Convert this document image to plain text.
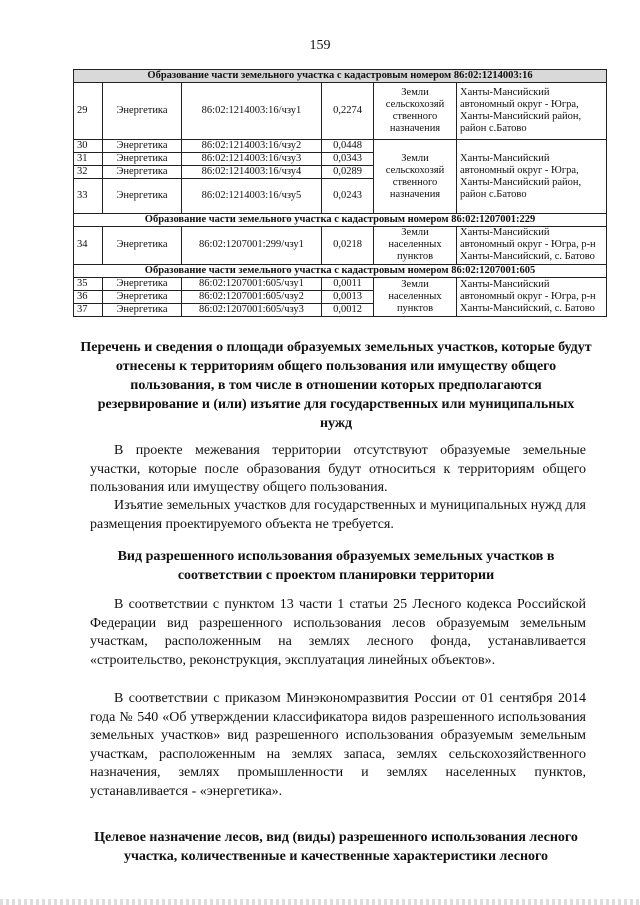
159
Образование части земельного участка с кадастровым номером 86:02:1214003:16					
29	Энергетика	86:02:1214003:16/чзу1	0,2274	Земли сельскохозяй ственного назначения	Ханты-Мансийский автономный округ - Югра, Ханты-Мансийский район, район с.Батово
30	Энергетика	86:02:1214003:16/чзу2	0,0448	Земли сельскохозяй ственного назначения	Ханты-Мансийский автономный округ - Югра, Ханты-Мансийский район, район с.Батово
31	Энергетика	86:02:1214003:16/чзу3	0,0343		
32	Энергетика	86:02:1214003:16/чзу4	0,0289		
33	Энергетика	86:02:1214003:16/чзу5	0,0243		
Образование части земельного участка с кадастровым номером 86:02:1207001:229					
34	Энергетика	86:02:1207001:299/чзу1	0,0218	Земли населенных пунктов	Ханты-Мансийский автономный округ - Югра, р-н Ханты-Мансийский, с. Батово
Образование части земельного участка с кадастровым номером 86:02:1207001:605					
35	Энергетика	86:02:1207001:605/чзу1	0,0011	Земли населенных пунктов	Ханты-Мансийский автономный округ - Югра, р-н Ханты-Мансийский, с. Батово
36	Энергетика	86:02:1207001:605/чзу2	0,0013		
37	Энергетика	86:02:1207001:605/чзу3	0,0012		
Перечень и сведения о площади образуемых земельных участков, которые будут отнесены к территориям общего пользования или имуществу общего пользования, в том числе в отношении которых предполагаются резервирование и (или) изъятие для государственных или муниципальных нужд
В проекте межевания территории отсутствуют образуемые земельные участки, которые после образования будут относиться к территориям общего пользования или имуществу общего пользования.
Изъятие земельных участков для государственных и муниципальных нужд для размещения проектируемого объекта не требуется.
Вид разрешенного использования образуемых земельных участков в соответствии с проектом планировки территории
В соответствии с пунктом 13 части 1 статьи 25 Лесного кодекса Российской Федерации вид разрешенного использования лесов образуемым земельным участкам, расположенным на землях лесного фонда, устанавливается «строительство, реконструкция, эксплуатация линейных объектов».
В соответствии с приказом Минэкономразвития России от 01 сентября 2014 года № 540 «Об утверждении классификатора видов разрешенного использования земельных участков» вид разрешенного использования образуемым земельным участкам, расположенным на землях запаса, землях сельскохозяйственного назначения, землях промышленности и землях населенных пунктов, устанавливается - «энергетика».
Целевое назначение лесов, вид (виды) разрешенного использования лесного участка, количественные и качественные характеристики лесного
